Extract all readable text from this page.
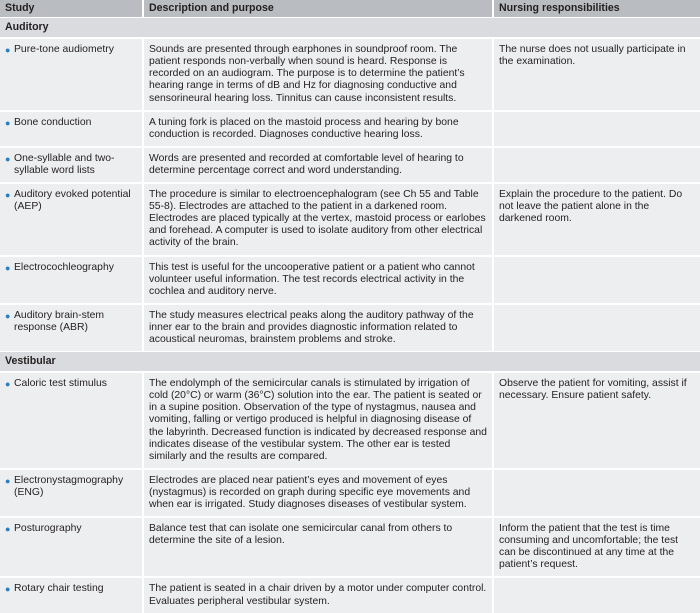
Study	Description and purpose	Nursing responsibilities
Auditory		

● Pure-tone audiometry	Sounds are presented through earphones in soundproof room. The patient responds non-verbally when sound is heard. Response is recorded on an audiogram. The purpose is to determine the patient’s hearing range in terms of dB and Hz for diagnosing conductive and sensorineural hearing loss. Tinnitus can cause inconsistent results.	The nurse does not usually participate in the examination.

● Bone conduction	A tuning fork is placed on the mastoid process and hearing by bone conduction is recorded. Diagnoses conductive hearing loss.	

● One-syllable and two-syllable word lists	Words are presented and recorded at comfortable level of hearing to determine percentage correct and word understanding.	

● Auditory evoked potential (AEP)	The procedure is similar to electroencephalogram (see Ch 55 and Table 55-8). Electrodes are attached to the patient in a darkened room. Electrodes are placed typically at the vertex, mastoid process or earlobes and forehead. A computer is used to isolate auditory from other electrical activity of the brain.	Explain the procedure to the patient. Do not leave the patient alone in the darkened room.

● Electrocochleography	This test is useful for the uncooperative patient or a patient who cannot volunteer useful information. The test records electrical activity in the cochlea and auditory nerve.	

● Auditory brain-stem response (ABR)	The study measures electrical peaks along the auditory pathway of the inner ear to the brain and provides diagnostic information related to acoustical neuromas, brainstem problems and stroke.	
Vestibular		

● Caloric test stimulus	The endolymph of the semicircular canals is stimulated by irrigation of cold (20°C) or warm (36°C) solution into the ear. The patient is seated or in a supine position. Observation of the type of nystagmus, nausea and vomiting, falling or vertigo produced is helpful in diagnosing disease of the labyrinth. Decreased function is indicated by decreased response and indicates disease of the vestibular system. The other ear is tested similarly and the results are compared.	Observe the patient for vomiting, assist if necessary. Ensure patient safety.

● Electronystagmography (ENG)	Electrodes are placed near patient’s eyes and movement of eyes (nystagmus) is recorded on graph during specific eye movements and when ear is irrigated. Study diagnoses diseases of vestibular system.	

● Posturography	Balance test that can isolate one semicircular canal from others to determine the site of a lesion.	Inform the patient that the test is time consuming and uncomfortable; the test can be discontinued at any time at the patient’s request.

● Rotary chair testing	The patient is seated in a chair driven by a motor under computer control. Evaluates peripheral vestibular system.	
